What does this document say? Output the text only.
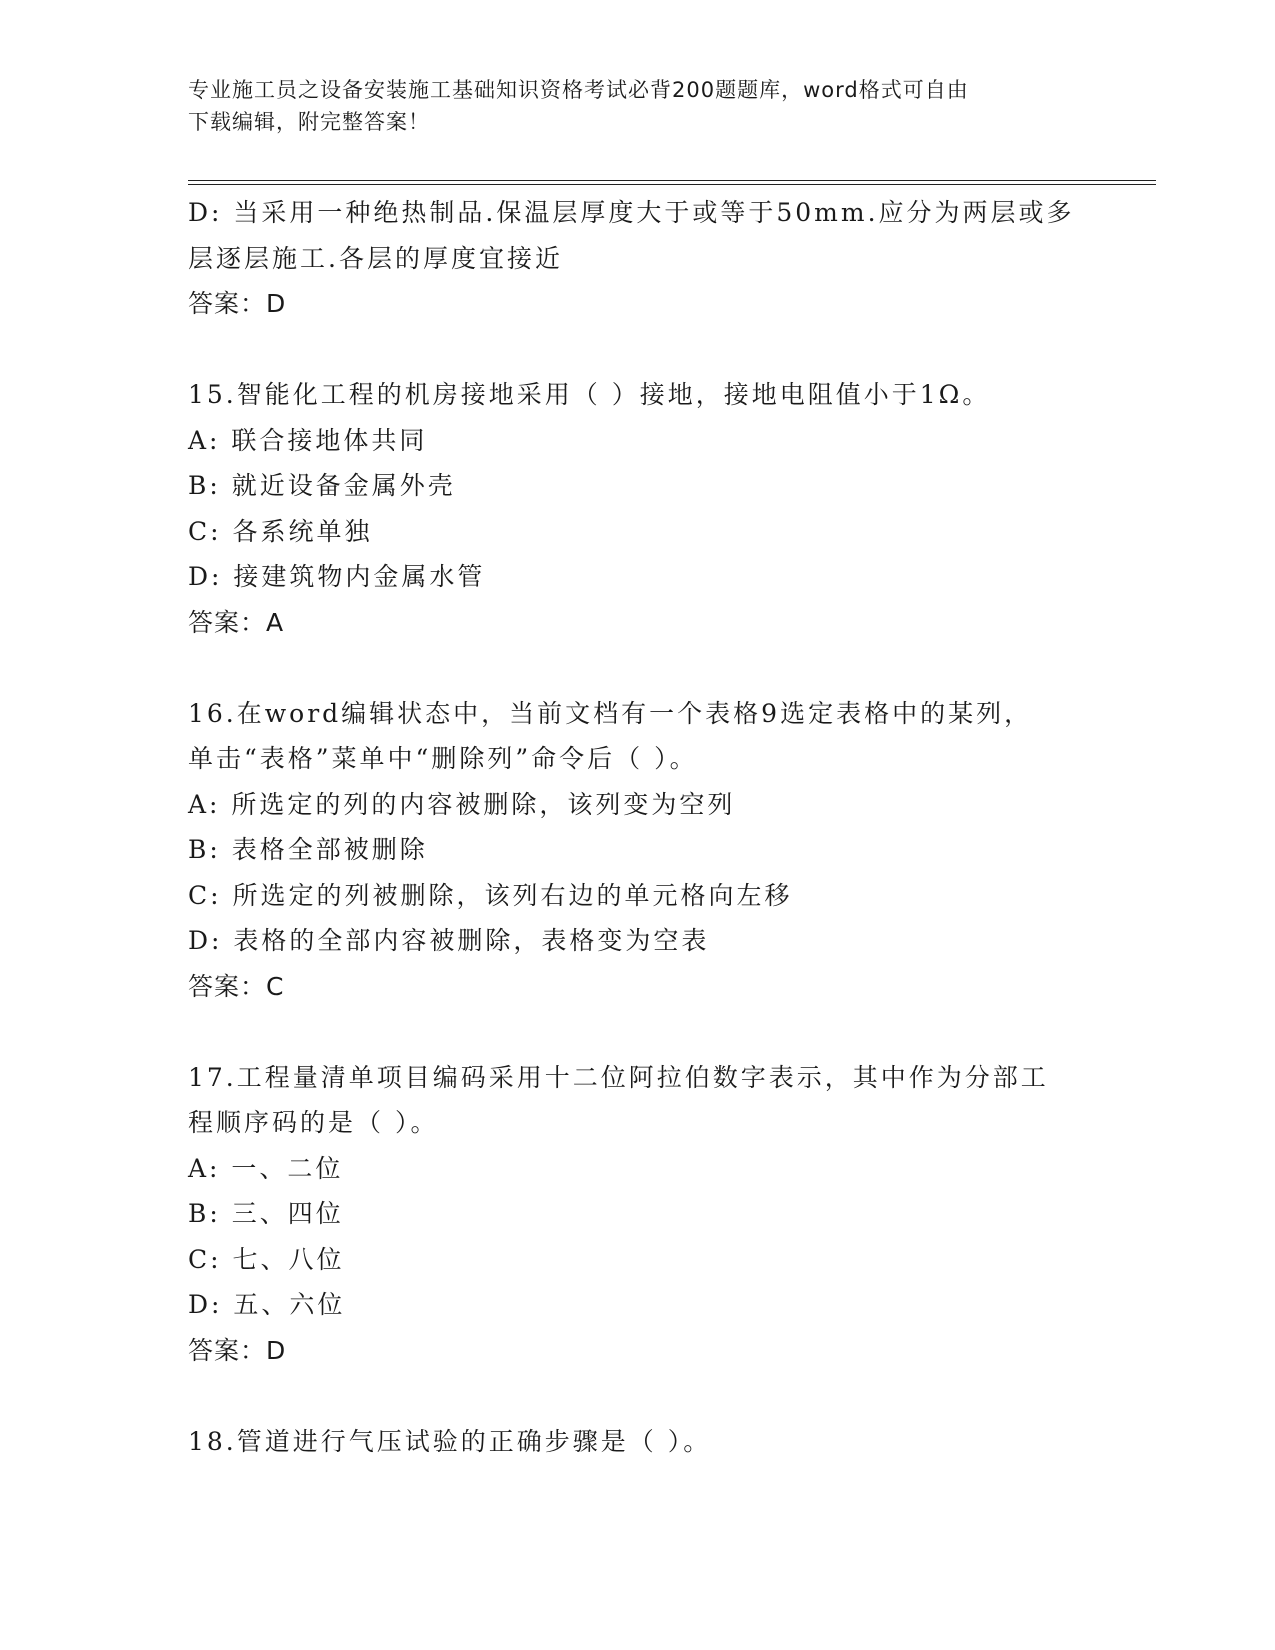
专业施工员之设备安装施工基础知识资格考试必背200题题库，word格式可自由
下载编辑，附完整答案！
D: 当采用一种绝热制品.保温层厚度大于或等于50mm.应分为两层或多
层逐层施工.各层的厚度宜接近
答案：D
15.智能化工程的机房接地采用（ ）接地，接地电阻值小于1Ω。
A: 联合接地体共同
B: 就近设备金属外壳
C: 各系统单独
D: 接建筑物内金属水管
答案：A
16.在word编辑状态中，当前文档有一个表格9选定表格中的某列，
单击“表格”菜单中“删除列”命令后（ ）。
A: 所选定的列的内容被删除，该列变为空列
B: 表格全部被删除
C: 所选定的列被删除，该列右边的单元格向左移
D: 表格的全部内容被删除，表格变为空表
答案：C
17.工程量清单项目编码采用十二位阿拉伯数字表示，其中作为分部工
程顺序码的是（ ）。
A: 一、二位
B: 三、四位
C: 七、八位
D: 五、六位
答案：D
18.管道进行气压试验的正确步骤是（ ）。
